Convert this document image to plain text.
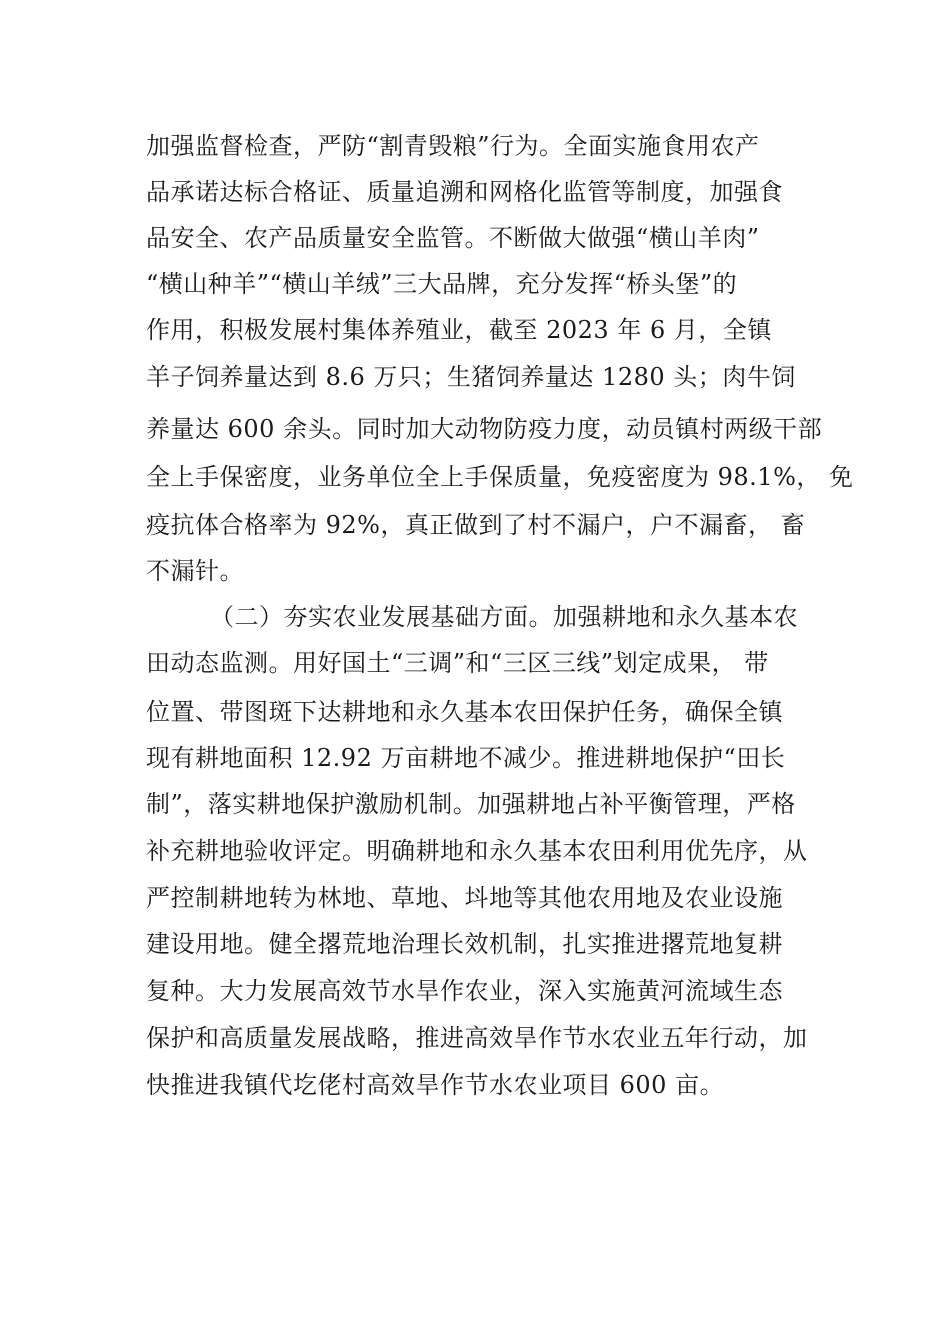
加强监督检查，严防“割青毁粮”行为。全面实施食用农产
品承诺达标合格证、质量追溯和网格化监管等制度，加强食
品安全、农产品质量安全监管。不断做大做强“横山羊肉”
“横山种羊”“横山羊绒”三大品牌，充分发挥“桥头堡”的
作用，积极发展村集体养殖业，截至 2023 年 6 月，全镇
羊子饲养量达到 8.6 万只；生猪饲养量达 1280 头；肉牛饲
养量达 600 余头。同时加大动物防疫力度，动员镇村两级干部
全上手保密度，业务单位全上手保质量，免疫密度为 98.1%， 免
疫抗体合格率为 92%，真正做到了村不漏户，户不漏畜， 畜
不漏针。
（二）夯实农业发展基础方面。加强耕地和永久基本农
田动态监测。用好国土“三调”和“三区三线”划定成果， 带
位置、带图斑下达耕地和永久基本农田保护任务，确保全镇
现有耕地面积 12.92 万亩耕地不减少。推进耕地保护“田长
制”，落实耕地保护激励机制。加强耕地占补平衡管理，严格
补充耕地验收评定。明确耕地和永久基本农田利用优先序，从
严控制耕地转为林地、草地、㘰地等其他农用地及农业设施
建设用地。健全撂荒地治理长效机制，扎实推进撂荒地复耕
复种。大力发展高效节水旱作农业，深入实施黄河流域生态
保护和高质量发展战略，推进高效旱作节水农业五年行动，加
快推进我镇代圪佬村高效旱作节水农业项目 600 亩。
